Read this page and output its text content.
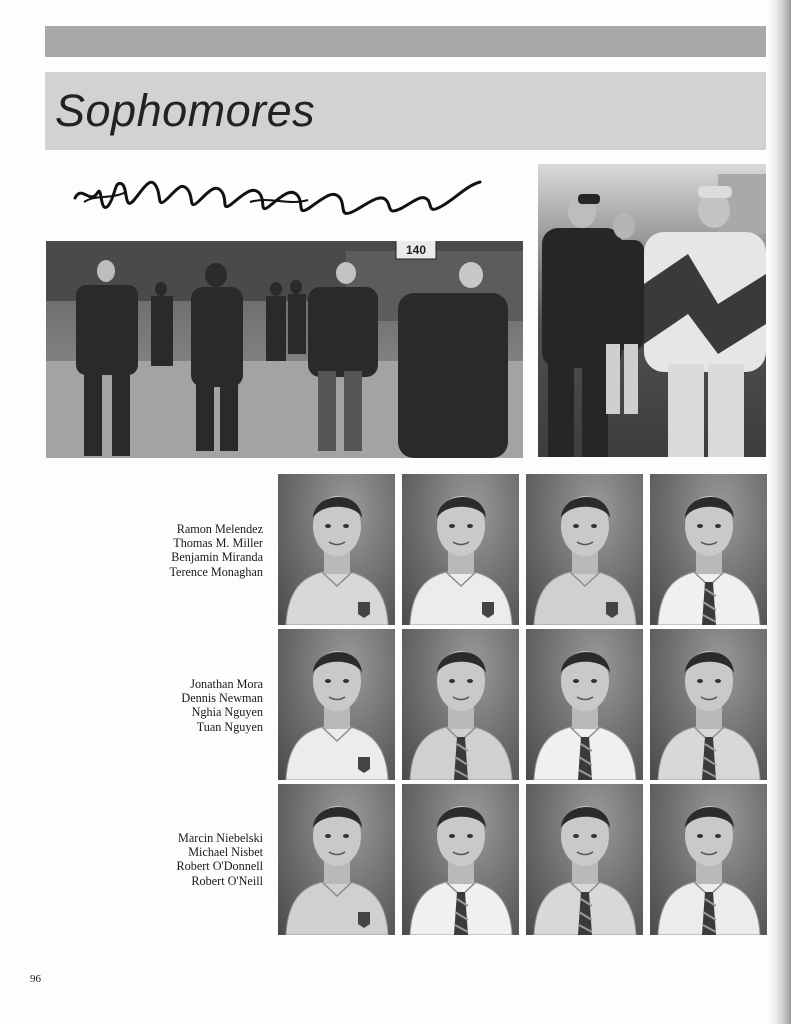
Sophomores
140
Ramon Melendez
Thomas M. Miller
Benjamin Miranda
Terence Monaghan
Jonathan Mora
Dennis Newman
Nghia Nguyen
Tuan Nguyen
Marcin Niebelski
Michael Nisbet
Robert O'Donnell
Robert O'Neill
96
